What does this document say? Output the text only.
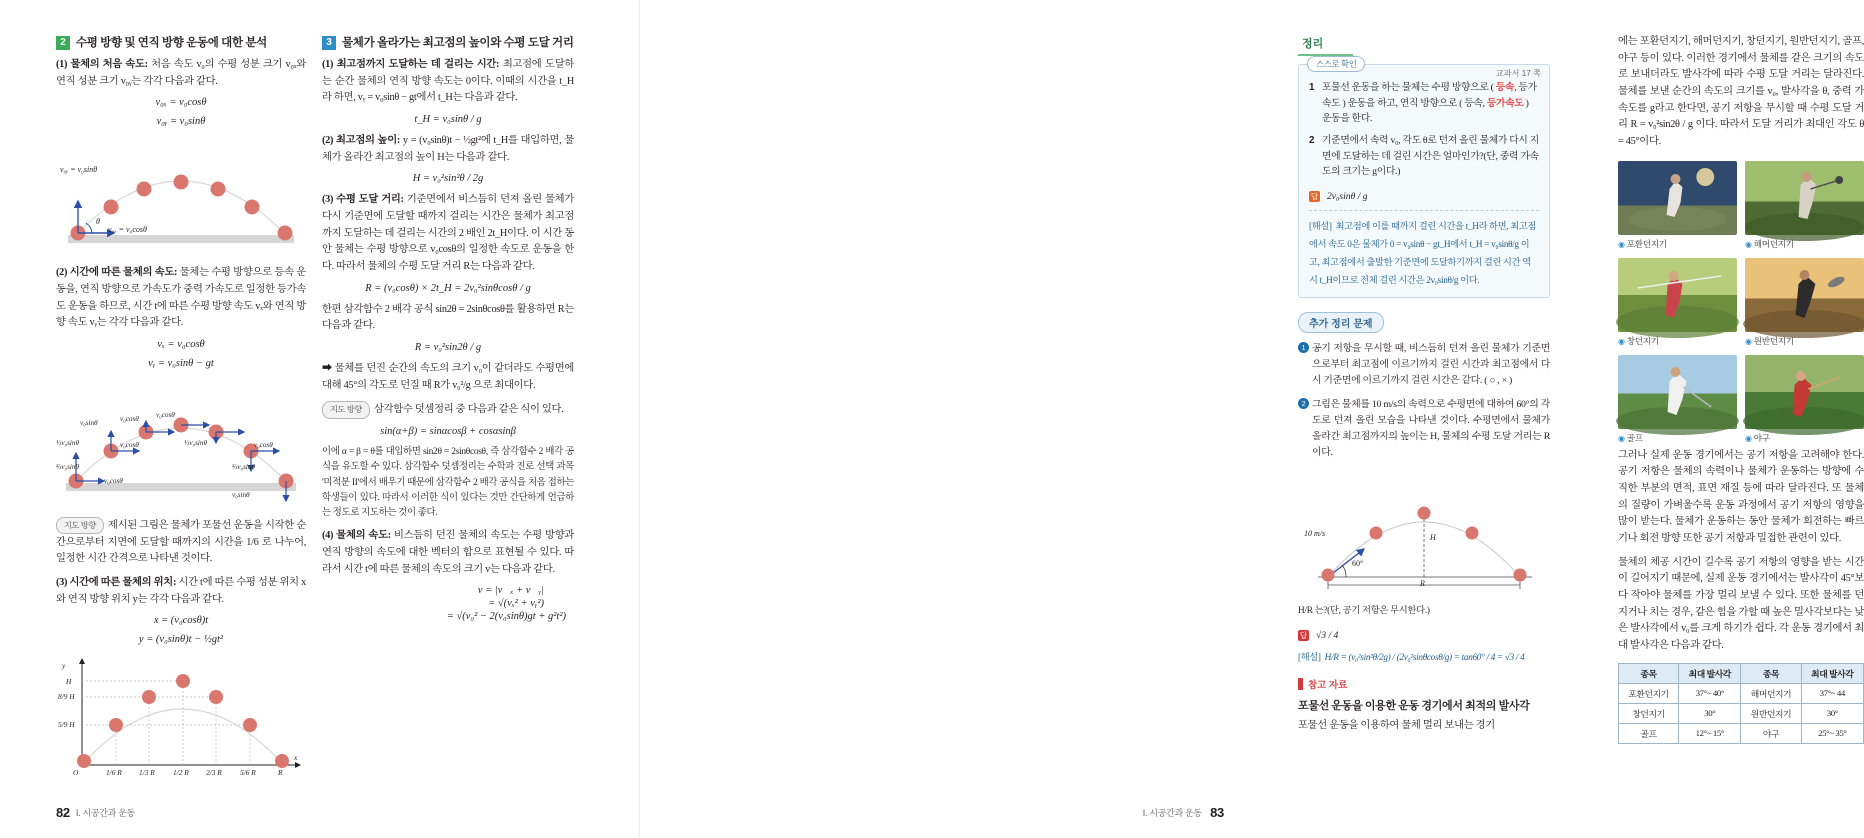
2 수평 방향 및 연직 방향 운동에 대한 분석

(1) 물체의 처음 속도: 처음 속도 v₀의 수평 성분 크기 v₀ₓ와 연직 성분 크기 v₀ᵧ는 각각 다음과 같다.

v₀ₓ = v₀cosθ
v₀ᵧ = v₀sinθ
v₀ᵧ = v₀sinθ
θ
v₀ₓ = v₀cosθ

(2) 시간에 따른 물체의 속도: 물체는 수평 방향으로 등속 운동을, 연직 방향으로 가속도가 중력 가속도로 일정한 등가속도 운동을 하므로, 시간 t에 따른 수평 방향 속도 vₓ와 연직 방향 속도 vᵧ는 각각 다음과 같다.

vₓ = v₀cosθ
vᵧ = v₀sinθ − gt
⅓v₀sinθ
⅔v₀sinθ
v₀sinθ	v₀cosθ v₀cosθ
v₀cosθ	⅓v₀sinθ
⅔v₀sinθ
v₀cosθ
v₀cosθ
v₀sinθ

지도 방향 제시된 그림은 물체가 포물선 운동을 시작한 순간으로부터 지면에 도달할 때까지의 시간을 1/6 로 나누어, 일정한 시간 간격으로 나타낸 것이다.

(3) 시간에 따른 물체의 위치: 시간 t에 따른 수평 성분 위치 x와 연직 방향 위치 y는 각각 다음과 같다.

x = (v₀cosθ)t
y = (v₀sinθ)t − ½gt²
y
H
8/9 H
5/9 H
O	1/6 R 1/3 R 1/2 R 2/3 R 5/6 R	R
x
3 물체가 올라가는 최고점의 높이와 수평 도달 거리

(1) 최고점까지 도달하는 데 걸리는 시간: 최고점에 도달하는 순간 물체의 연직 방향 속도는 0이다. 이때의 시간을 t_H라 하면, vᵧ = v₀sinθ − gt에서 t_H는 다음과 같다.

t_H = v₀sinθ / g

(2) 최고점의 높이: y = (v₀sinθ)t − ½gt²에 t_H를 대입하면, 물체가 올라간 최고점의 높이 H는 다음과 같다.

H = v₀²sin²θ / 2g

(3) 수평 도달 거리: 기준면에서 비스듬히 던져 올린 물체가 다시 기준면에 도달할 때까지 걸리는 시간은 물체가 최고점까지 도달하는 데 걸리는 시간의 2 배인 2t_H이다. 이 시간 동안 물체는 수평 방향으로 v₀cosθ의 일정한 속도로 운동을 한다. 따라서 물체의 수평 도달 거리 R는 다음과 같다.

R = (v₀cosθ) × 2t_H = 2v₀²sinθcosθ / g

한편 삼각함수 2 배각 공식 sin2θ = 2sinθcosθ를 활용하면 R는 다음과 같다.

R = v₀²sin2θ / g

➡ 물체를 던진 순간의 속도의 크기 v₀이 같더라도 수평면에 대해 45°의 각도로 던질 때 R가 v₀²/g 으로 최대이다.

지도 방향 삼각함수 덧셈정리 중 다음과 같은 식이 있다.

sin(α+β) = sinαcosβ + cosαsinβ

이에 α = β = θ를 대입하면 sin2θ = 2sinθcosθ, 즉 삼각함수 2 배각 공식을 유도할 수 있다. 삼각함수 덧셈정리는 수학과 진로 선택 과목 '미적분 II'에서 배우기 때문에 삼각함수 2 배각 공식을 처음 접하는 학생들이 있다. 따라서 이러한 식이 있다는 것만 간단하게 언급하는 정도로 지도하는 것이 좋다.

(4) 물체의 속도: 비스듬히 던진 물체의 속도는 수평 방향과 연직 방향의 속도에 대한 벡터의 합으로 표현될 수 있다. 따라서 시간 t에 따른 물체의 속도의 크기 v는 다음과 같다.

v = |v⃗ₓ + v⃗ᵧ|
= √(vₓ² + vᵧ²)
= √(v₀² − 2(v₀sinθ)gt + g²t²)
82 I. 시공간과 운동
정리
스스로 확인
교과서 17 쪽
1 포물선 운동을 하는 물체는 수평 방향으로 ( 등속, 등가속도 ) 운동을 하고, 연직 방향으로 ( 등속, 등가속도 ) 운동을 한다.
2 기준면에서 속력 v₀, 각도 θ로 던져 올린 물체가 다시 지면에 도달하는 데 걸린 시간은 얼마인가?(단, 중력 가속도의 크기는 g이다.)
답 2v₀sinθ / g
[해설] 최고점에 이를 때까지 걸린 시간을 t_H라 하면, 최고점에서 속도 0은 물체가 0 = v₀sinθ − gt_H에서 t_H = v₀sinθ/g 이고, 최고점에서 출발한 기준면에 도달하기까지 걸린 시간 역시 t_H이므로 전체 걸린 시간은 2v₀sinθ/g 이다.
추가 정리 문제
1 공기 저항을 무시할 때, 비스듬히 던져 올린 물체가 기준면으로부터 최고점에 이르기까지 걸린 시간과 최고점에서 다시 기준면에 이르기까지 걸린 시간은 같다. ( ○ , × )
2 그림은 물체를 10 m/s의 속력으로 수평면에 대하여 60°의 각도로 던져 올린 모습을 나타낸 것이다. 수평면에서 물체가 올라간 최고점까지의 높이는 H, 물체의 수평 도달 거리는 R이다.
10 m/s
60°
H
R

H/R 는?(단, 공기 저항은 무시한다.)

답 √3 / 4
[해설] H/R = (v₀²sin²θ/2g) / (2v₀²sinθcosθ/g) = tan60° / 4 = √3 / 4
참고 자료
포물선 운동을 이용한 운동 경기에서 최적의 발사각

포물선 운동을 이용하여 물체 멀리 보내는 경기

에는 포환던지기, 해머던지기, 창던지기, 원반던지기, 골프, 야구 등이 있다. 이러한 경기에서 물체를 같은 크기의 속도로 보내더라도 발사각에 따라 수평 도달 거리는 달라진다. 물체를 보낸 순간의 속도의 크기를 v₀, 발사각을 θ, 중력 가속도를 g라고 한다면, 공기 저항을 무시할 때 수평 도달 거리 R = v₀²sin2θ / g 이다. 따라서 도달 거리가 최대인 각도 θ = 45°이다.

◉ 포환던지기	◉ 해머던지기
◉ 창던지기	◉ 원반던지기
◉ 골프	◉ 야구

그러나 실제 운동 경기에서는 공기 저항을 고려해야 한다. 공기 저항은 물체의 속력이나 물체가 운동하는 방향에 수직한 부분의 면적, 표면 재질 등에 따라 달라진다. 또 물체의 질량이 가벼울수록 운동 과정에서 공기 저항의 영향을 많이 받는다. 물체가 운동하는 동안 물체가 회전하는 빠르기나 회전 방향 또한 공기 저항과 밀접한 관련이 있다.

물체의 체공 시간이 길수록 공기 저항의 영향을 받는 시간이 길어지기 때문에, 실제 운동 경기에서는 발사각이 45°보다 작아야 물체를 가장 멀리 보낼 수 있다. 또한 물체를 던지거나 치는 경우, 같은 힘을 가할 때 높은 밀사각보다는 낮은 발사각에서 v₀를 크게 하기가 쉽다. 각 운동 경기에서 최대 발사각은 다음과 같다.

종목	최대 발사각	종목	최대 발사각
포환던지기	37°~ 40°	해머던지기	37°~ 44
창던지기	30°	원반던지기	30°
골프	12°~ 15°	야구	25°~ 35°
I. 시공간과 운동 83
